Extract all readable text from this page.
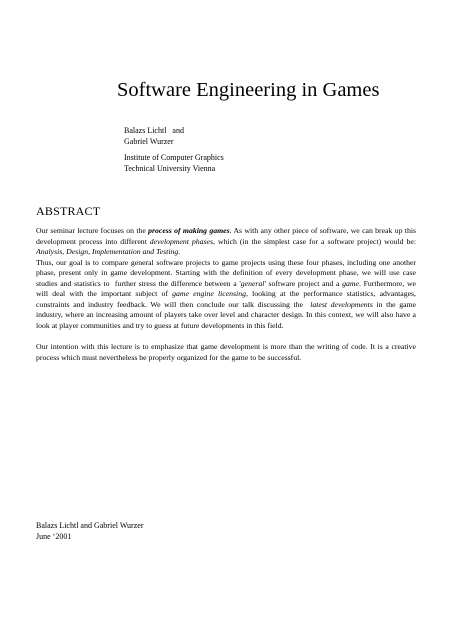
Software Engineering in Games
Balazs Lichtl   and
Gabriel Wurzer
Institute of Computer Graphics
Technical University Vienna
ABSTRACT

Our seminar lecture focuses on the process of making games. As with any other piece of software, we can break up this development process into different development phases, which (in the simplest case for a software project) would be:  Analysis, Design, Implementation and Testing.
Thus, our goal is to compare general software projects to game projects using these four phases, including one another phase, present only in game development. Starting with the definition of every development phase, we will use case studies and statistics to  further stress the difference between a 'general' software project and a game. Furthermore, we will deal with the important subject of game engine licensing, looking at the performance statistics, advantages, constraints and industry feedback. We will then conclude our talk discussing the  latest developments in the game industry, where an increasing amount of players take over level and character design. In this context, we will also have a look at player communities and try to guess at future developments in this field.

Our intention with this lecture is to emphasize that game development is more than the writing of code. It is a creative process which must nevertheless be properly organized for the game to be successful.

Balazs Lichtl and Gabriel Wurzer
June ‘2001
